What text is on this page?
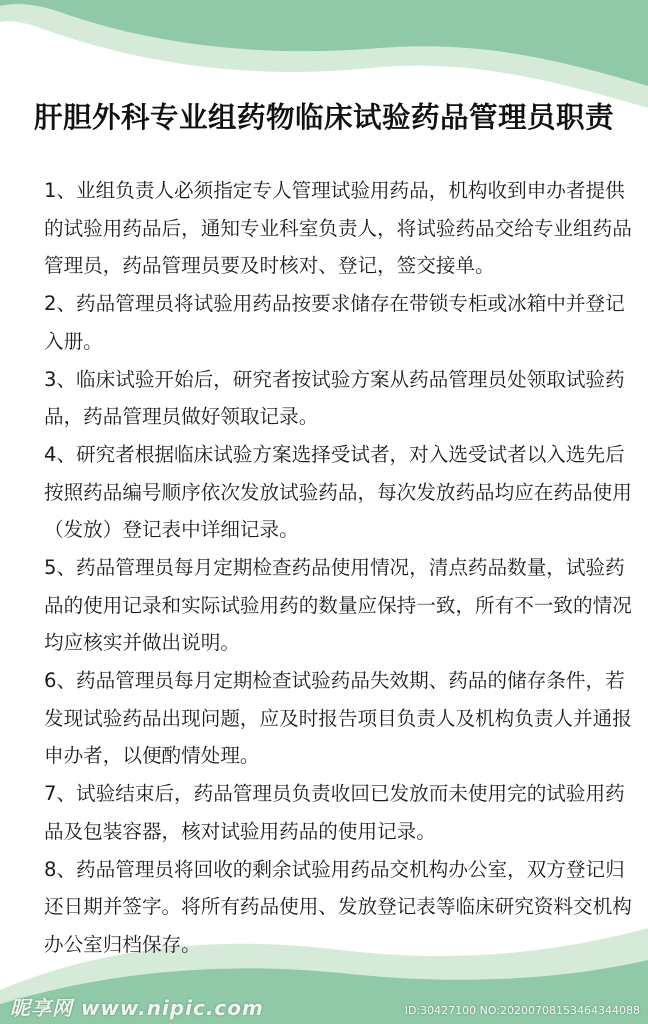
肝胆外科专业组药物临床试验药品管理员职责

1、业组负责人必须指定专人管理试验用药品，机构收到申办者提供的试验用药品后，通知专业科室负责人，将试验药品交给专业组药品管理员，药品管理员要及时核对、登记，签交接单。

2、药品管理员将试验用药品按要求储存在带锁专柜或冰箱中并登记入册。

3、临床试验开始后，研究者按试验方案从药品管理员处领取试验药品，药品管理员做好领取记录。

4、研究者根据临床试验方案选择受试者，对入选受试者以入选先后按照药品编号顺序依次发放试验药品，每次发放药品均应在药品使用（发放）登记表中详细记录。

5、药品管理员每月定期检查药品使用情况，清点药品数量，试验药品的使用记录和实际试验用药的数量应保持一致，所有不一致的情况均应核实并做出说明。

6、药品管理员每月定期检查试验药品失效期、药品的储存条件，若发现试验药品出现问题，应及时报告项目负责人及机构负责人并通报申办者，以便酌情处理。

7、试验结束后，药品管理员负责收回已发放而未使用完的试验用药品及包装容器，核对试验用药品的使用记录。

8、药品管理员将回收的剩余试验用药品交机构办公室，双方登记归还日期并签字。将所有药品使用、发放登记表等临床研究资料交机构办公室归档保存。

昵享网 www.nipic.com	ID:30427100 NO:20200708153464344088
